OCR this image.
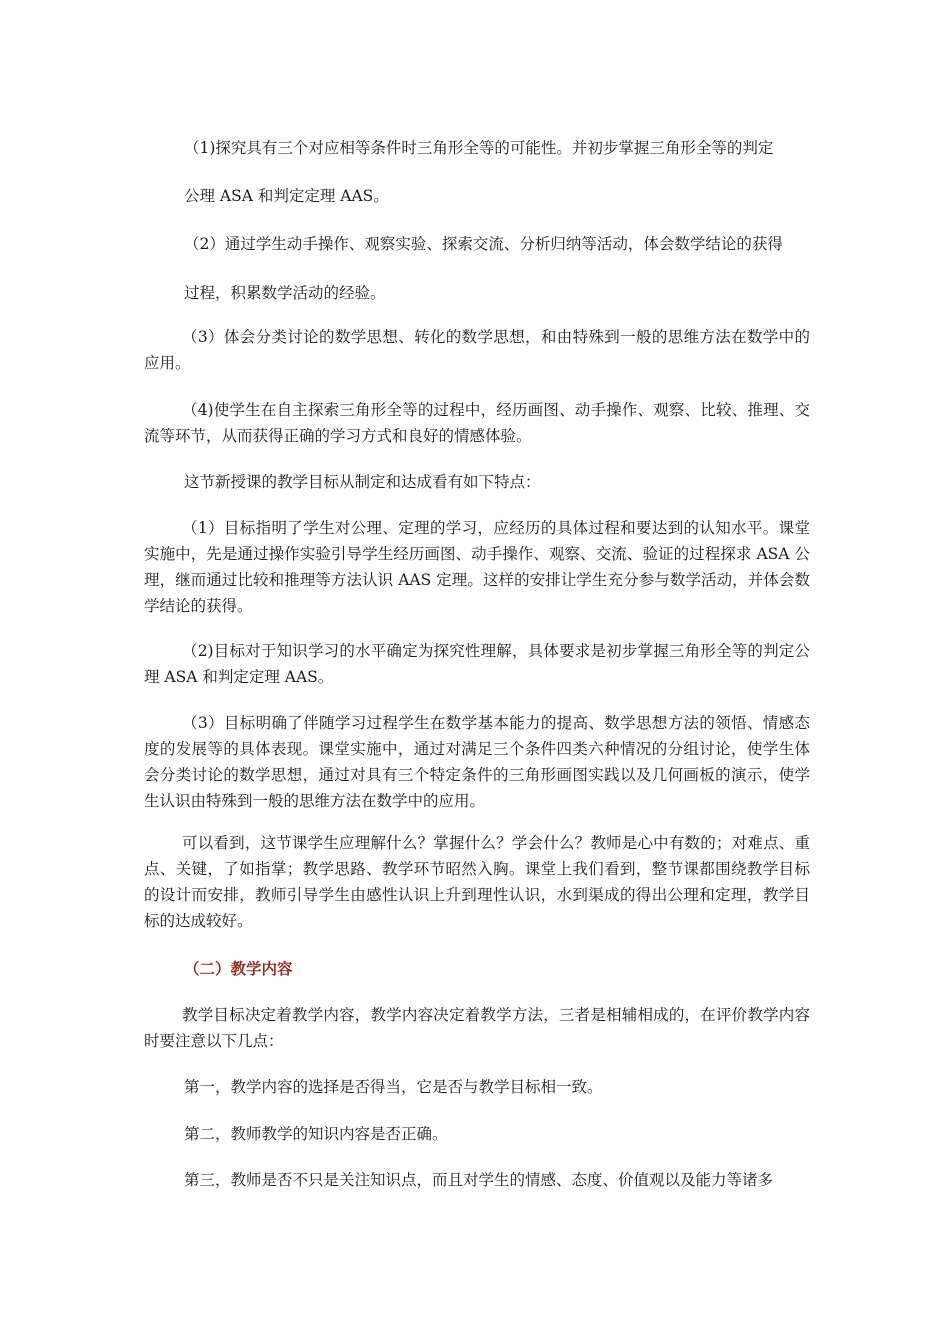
（1)探究具有三个对应相等条件时三角形全等的可能性。并初步掌握三角形全等的判定

公理 ASA 和判定定理 AAS。

（2）通过学生动手操作、观察实验、探索交流、分析归纳等活动，体会数学结论的获得

过程，积累数学活动的经验。

（3）体会分类讨论的数学思想、转化的数学思想，和由特殊到一般的思维方法在数学中的应用。

（4)使学生在自主探索三角形全等的过程中，经历画图、动手操作、观察、比较、推理、交流等环节，从而获得正确的学习方式和良好的情感体验。

这节新授课的教学目标从制定和达成看有如下特点：

（1）目标指明了学生对公理、定理的学习，应经历的具体过程和要达到的认知水平。课堂实施中，先是通过操作实验引导学生经历画图、动手操作、观察、交流、验证的过程探求 ASA 公理，继而通过比较和推理等方法认识 AAS 定理。这样的安排让学生充分参与数学活动，并体会数学结论的获得。

（2)目标对于知识学习的水平确定为探究性理解，具体要求是初步掌握三角形全等的判定公理 ASA 和判定定理 AAS。

（3）目标明确了伴随学习过程学生在数学基本能力的提高、数学思想方法的领悟、情感态度的发展等的具体表现。课堂实施中，通过对满足三个条件四类六种情况的分组讨论，使学生体会分类讨论的数学思想，通过对具有三个特定条件的三角形画图实践以及几何画板的演示，使学生认识由特殊到一般的思维方法在数学中的应用。

可以看到，这节课学生应理解什么？掌握什么？学会什么？教师是心中有数的；对难点、重点、关键，了如指掌；教学思路、教学环节昭然入胸。课堂上我们看到，整节课都围绕教学目标的设计而安排，教师引导学生由感性认识上升到理性认识，水到渠成的得出公理和定理，教学目标的达成较好。

（二）教学内容

教学目标决定着教学内容，教学内容决定着教学方法，三者是相辅相成的，在评价教学内容时要注意以下几点：

第一，教学内容的选择是否得当，它是否与教学目标相一致。

第二，教师教学的知识内容是否正确。

第三，教师是否不只是关注知识点，而且对学生的情感、态度、价值观以及能力等诸多
